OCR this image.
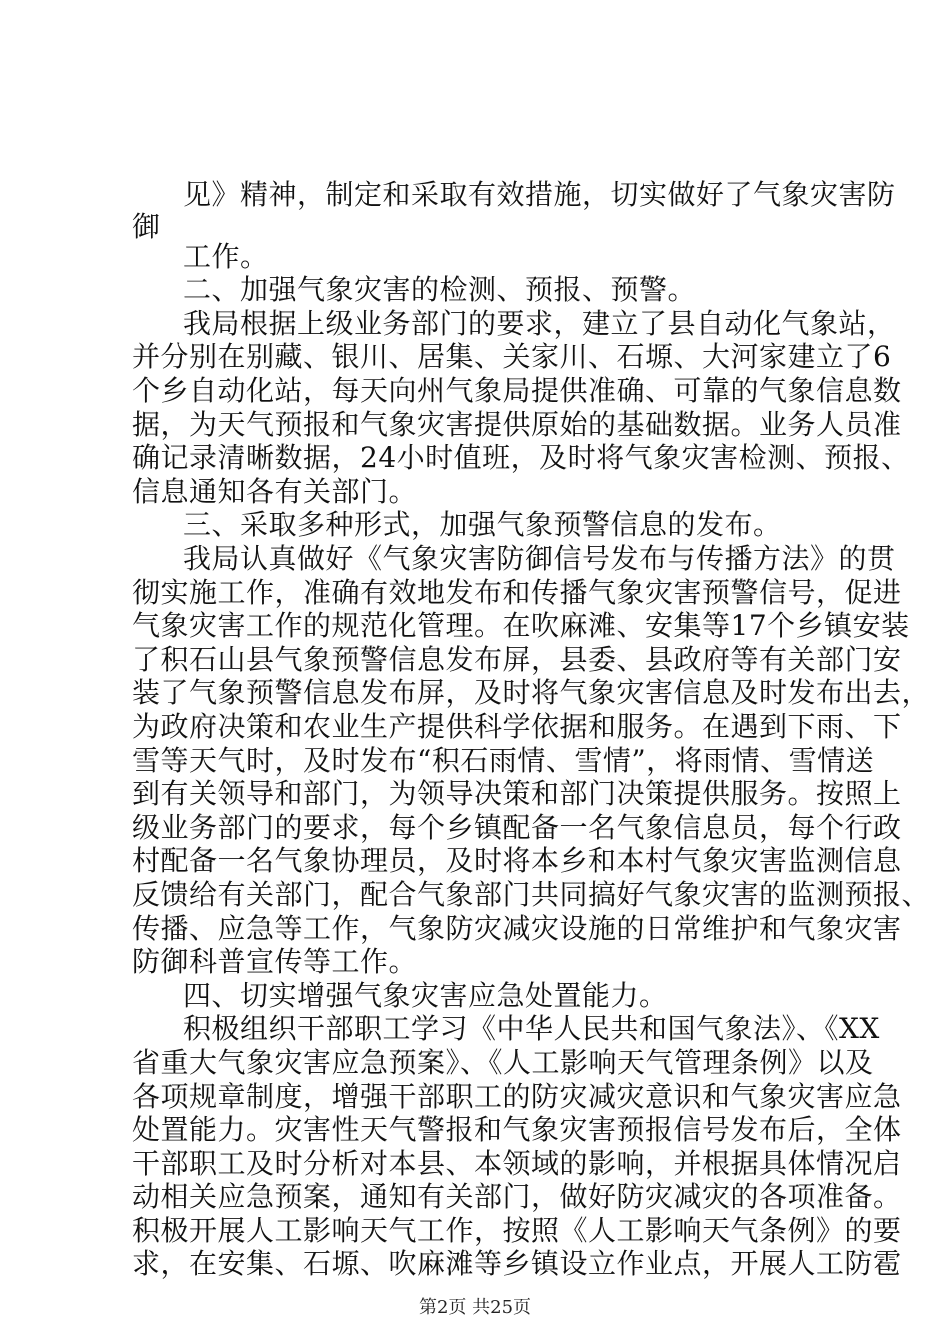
见》精神，制定和采取有效措施，切实做好了气象灾害防
御
工作。
二、加强气象灾害的检测、预报、预警。
我局根据上级业务部门的要求，建立了县自动化气象站，
并分别在别藏、银川、居集、关家川、石塬、大河家建立了6
个乡自动化站，每天向州气象局提供准确、可靠的气象信息数
据，为天气预报和气象灾害提供原始的基础数据。业务人员准
确记录清晰数据，24小时值班，及时将气象灾害检测、预报、
信息通知各有关部门。
三、采取多种形式，加强气象预警信息的发布。
我局认真做好《气象灾害防御信号发布与传播方法》的贯
彻实施工作，准确有效地发布和传播气象灾害预警信号，促进
气象灾害工作的规范化管理。在吹麻滩、安集等17个乡镇安装
了积石山县气象预警信息发布屏，县委、县政府等有关部门安
装了气象预警信息发布屏，及时将气象灾害信息及时发布出去，
为政府决策和农业生产提供科学依据和服务。在遇到下雨、下
雪等天气时，及时发布“积石雨情、雪情”，将雨情、雪情送
到有关领导和部门，为领导决策和部门决策提供服务。按照上
级业务部门的要求，每个乡镇配备一名气象信息员，每个行政
村配备一名气象协理员，及时将本乡和本村气象灾害监测信息
反馈给有关部门，配合气象部门共同搞好气象灾害的监测预报、
传播、应急等工作，气象防灾减灾设施的日常维护和气象灾害
防御科普宣传等工作。
四、切实增强气象灾害应急处置能力。
积极组织干部职工学习《中华人民共和国气象法》、《XX
省重大气象灾害应急预案》、《人工影响天气管理条例》以及
各项规章制度，增强干部职工的防灾减灾意识和气象灾害应急
处置能力。灾害性天气警报和气象灾害预报信号发布后，全体
干部职工及时分析对本县、本领域的影响，并根据具体情况启
动相关应急预案，通知有关部门，做好防灾减灾的各项准备。
积极开展人工影响天气工作，按照《人工影响天气条例》的要
求，在安集、石塬、吹麻滩等乡镇设立作业点，开展人工防雹
第2页 共25页
